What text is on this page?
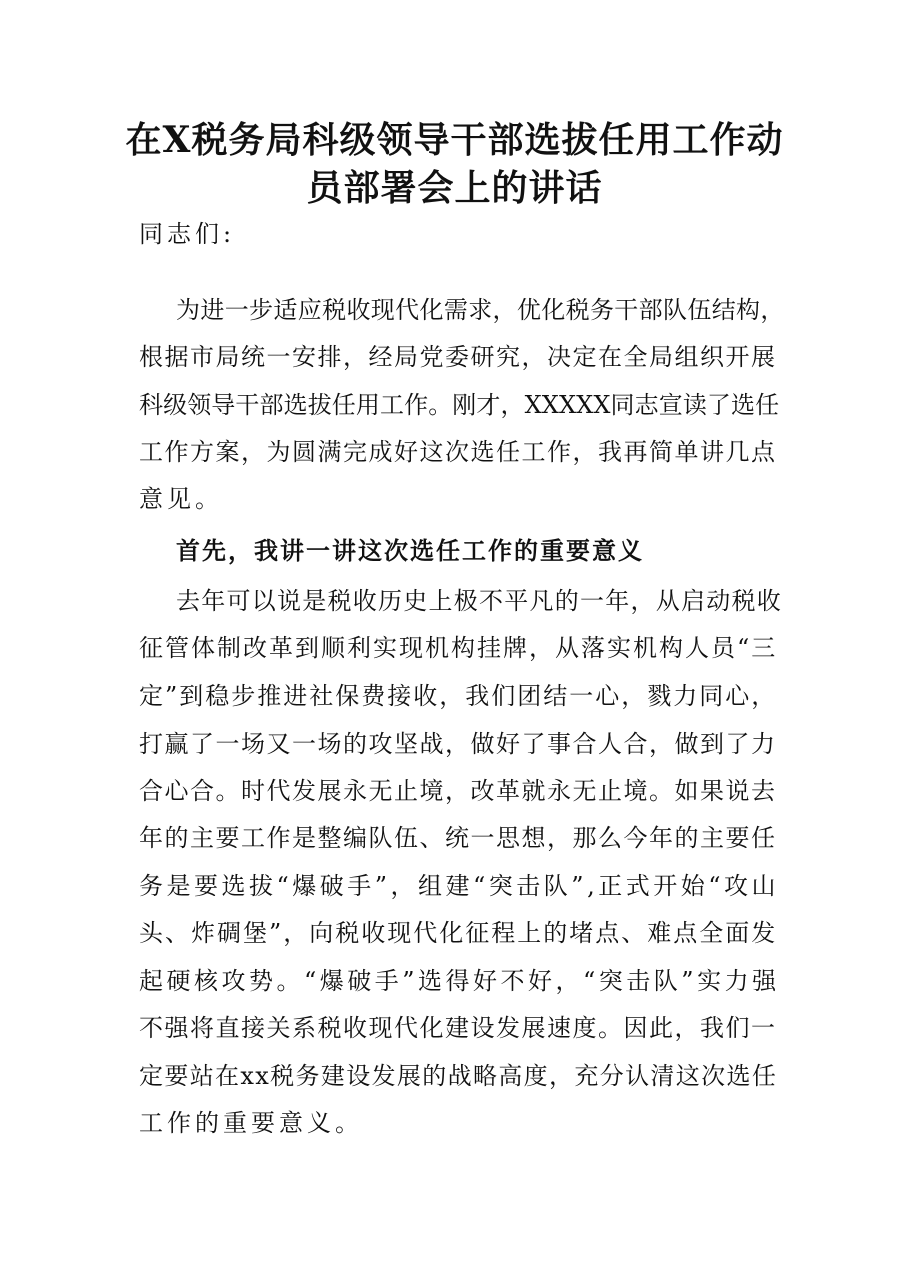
在X税务局科级领导干部选拔任用工作动
员部署会上的讲话

同志们:

为进一步适应税收现代化需求，优化税务干部队伍结构，

根据市局统一安排，经局党委研究，决定在全局组织开展

科级领导干部选拔任用工作。刚才，XXXXX同志宣读了选任

工作方案，为圆满完成好这次选任工作，我再简单讲几点

意见。

首先，我讲一讲这次选任工作的重要意义

去年可以说是税收历史上极不平凡的一年，从启动税收

征管体制改革到顺利实现机构挂牌，从落实机构人员“三

定”到稳步推进社保费接收，我们团结一心，戮力同心，

打赢了一场又一场的攻坚战，做好了事合人合，做到了力

合心合。时代发展永无止境，改革就永无止境。如果说去

年的主要工作是整编队伍、统一思想，那么今年的主要任

务是要选拔“爆破手”，组建“突击队”,正式开始“攻山

头、炸碉堡”，向税收现代化征程上的堵点、难点全面发

起硬核攻势。“爆破手”选得好不好，“突击队”实力强

不强将直接关系税收现代化建设发展速度。因此，我们一

定要站在xx税务建设发展的战略高度，充分认清这次选任

工作的重要意义。
